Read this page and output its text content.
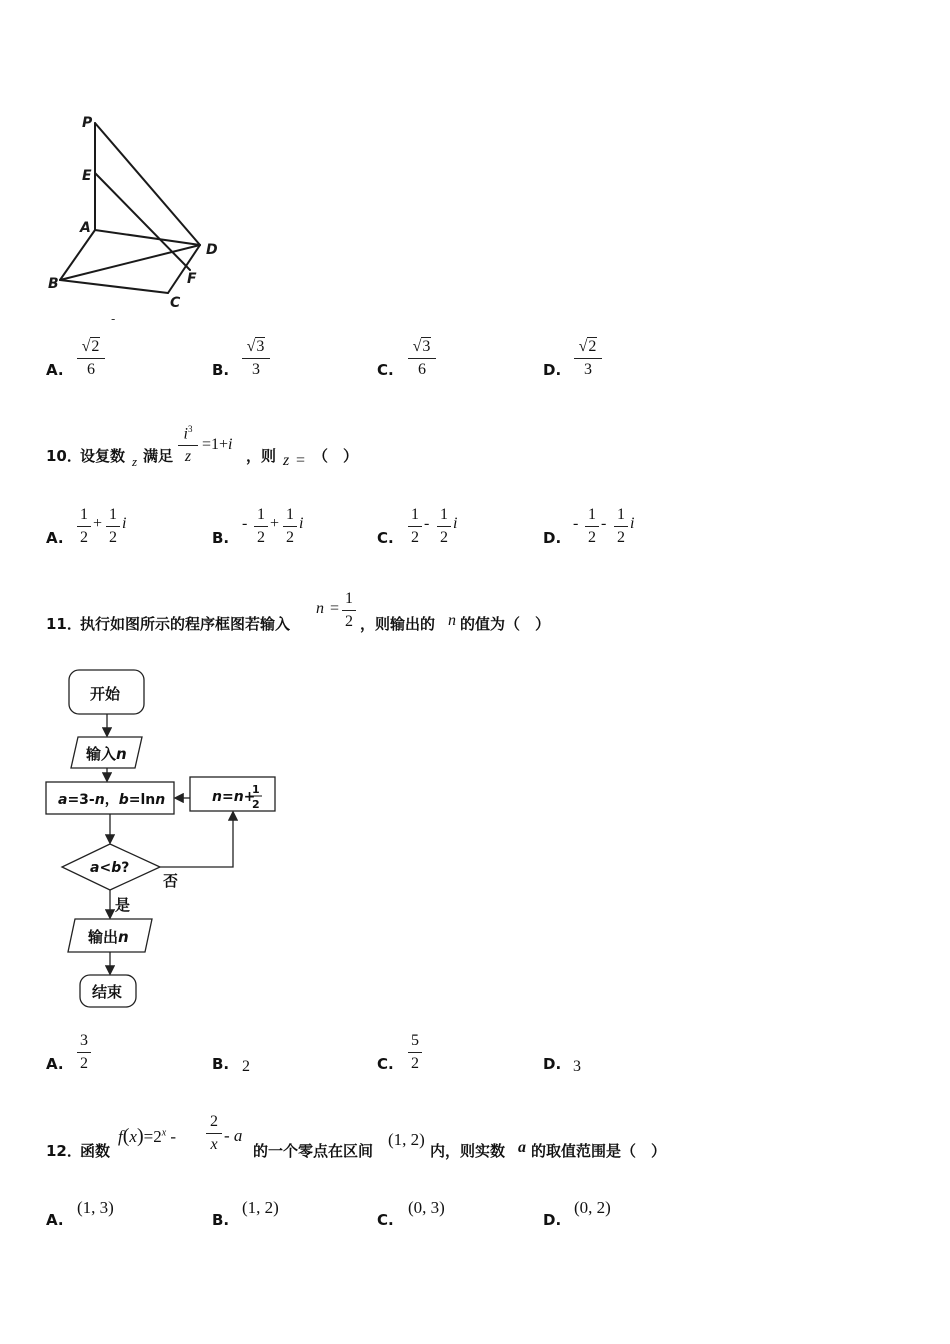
P
E
A
D
B	F
C
-
A.
√2
6	B.
√3
3	C.
√3
6	D.
√2
3
10．
设复数 z 满足
$i^3$
z
=1+i
，则 z = （　）
A.
1
2
+
1
2
i
B.
-
1
2
+
1
2
i
C.
1
2
-
1
2
i
D.
-
1
2
-
1
2
i
11．
执行如图所示的程序框图若输入
n =
1
2 ，则输出的 n 的值为（　）
开始
输入n
a=3-n，b=lnn	n=n+
1
2
a<b?
否
是
输出n
结束
A.
3
2	B. 2	C.
5
2	D. 3
12．
函数
$f(x)=2^x$ -
2
x - a
的一个零点在区间
(1, 2)
内，则实数 a 的取值范围是（　）
A.
(1, 3)
B.
(1, 2)
C.
(0, 3)
D.
(0, 2)
